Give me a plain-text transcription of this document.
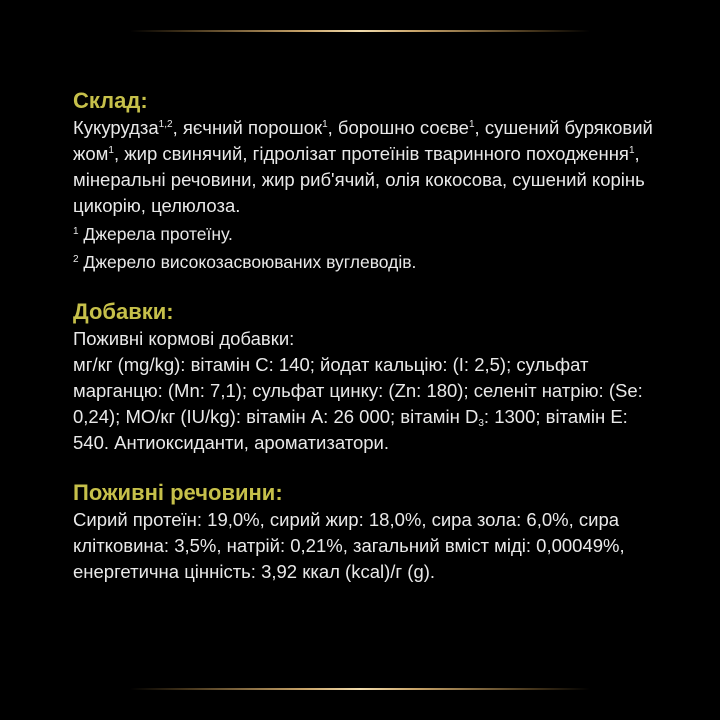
Склад:

Кукурудза$^{1,2}$, яєчний порошок$^1$, борошно соєве$^1$, сушений буряковий жом$^1$, жир свинячий, гідролізат протеїнів тваринного походження$^1$, мінеральні речовини, жир риб'ячий, олія кокосова, сушений корінь цикорію, целюлоза.

$^1$ Джерела протеїну.

$^2$ Джерело високозасвоюваних вуглеводів.

Добавки:

Поживні кормові добавки:

мг/кг (mg/kg): вітамін С: 140; йодат кальцію: (І: 2,5); сульфат марганцю: (Mn: 7,1); сульфат цинку: (Zn: 180); селеніт натрію: (Se: 0,24); МО/кг (IU/kg): вітамін А: 26 000; вітамін $D_3$: 1300; вітамін Е: 540. Антиоксиданти, ароматизатори.

Поживні речовини:

Сирий протеїн: 19,0%, сирий жир: 18,0%, сира зола: 6,0%, сира клітковина: 3,5%, натрій: 0,21%, загальний вміст міді: 0,00049%, енергетична цінність: 3,92 ккал (kcal)/г (g).
